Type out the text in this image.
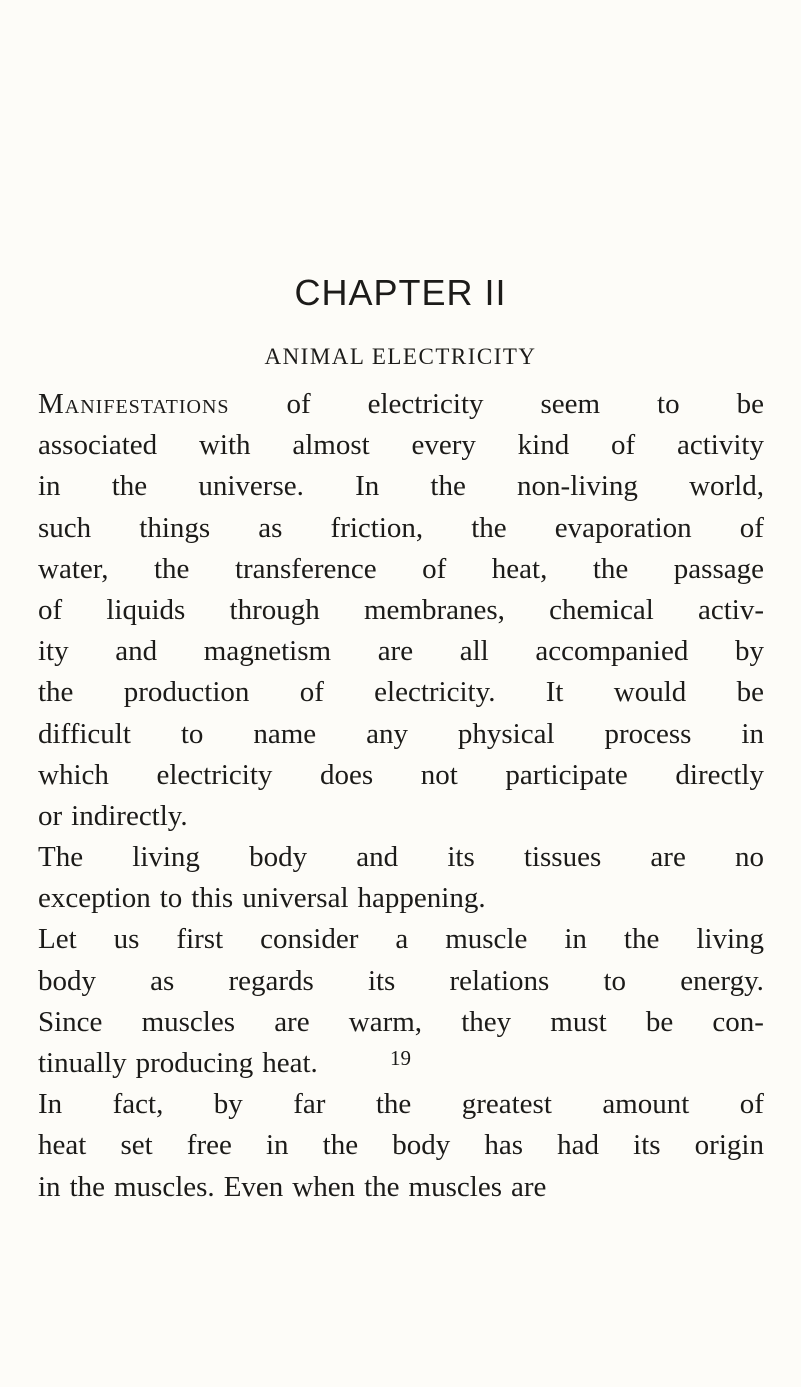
CHAPTER II
ANIMAL ELECTRICITY
Manifestations of electricity seem to be
associated with almost every kind of activity
in the universe. In the non-living world,
such things as friction, the evaporation of
water, the transference of heat, the passage
of liquids through membranes, chemical activ-
ity and magnetism are all accompanied by
the production of electricity. It would be
difficult to name any physical process in
which electricity does not participate directly
or indirectly.
The living body and its tissues are no
exception to this universal happening.
Let us first consider a muscle in the living
body as regards its relations to energy.
Since muscles are warm, they must be con-
tinually producing heat.
In fact, by far the greatest amount of
heat set free in the body has had its origin
in the muscles. Even when the muscles are
19
